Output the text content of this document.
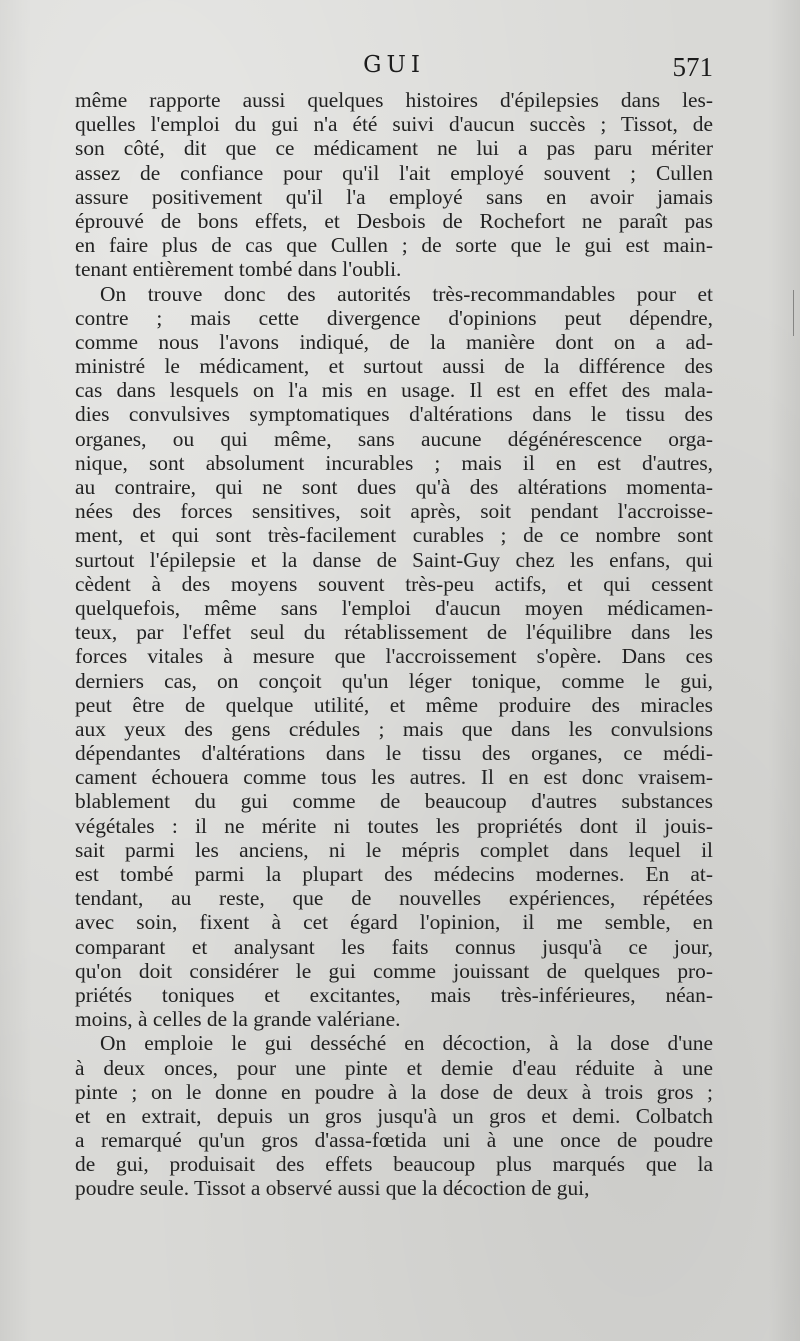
GUI	571
même rapporte aussi quelques histoires d'épilepsies dans les-
quelles l'emploi du gui n'a été suivi d'aucun succès ; Tissot, de
son côté, dit que ce médicament ne lui a pas paru mériter
assez de confiance pour qu'il l'ait employé souvent ; Cullen
assure positivement qu'il l'a employé sans en avoir jamais
éprouvé de bons effets, et Desbois de Rochefort ne paraît pas
en faire plus de cas que Cullen ; de sorte que le gui est main-
tenant entièrement tombé dans l'oubli.
On trouve donc des autorités très-recommandables pour et
contre ; mais cette divergence d'opinions peut dépendre,
comme nous l'avons indiqué, de la manière dont on a ad-
ministré le médicament, et surtout aussi de la différence des
cas dans lesquels on l'a mis en usage. Il est en effet des mala-
dies convulsives symptomatiques d'altérations dans le tissu des
organes, ou qui même, sans aucune dégénérescence orga-
nique, sont absolument incurables ; mais il en est d'autres,
au contraire, qui ne sont dues qu'à des altérations momenta-
nées des forces sensitives, soit après, soit pendant l'accroisse-
ment, et qui sont très-facilement curables ; de ce nombre sont
surtout l'épilepsie et la danse de Saint-Guy chez les enfans, qui
cèdent à des moyens souvent très-peu actifs, et qui cessent
quelquefois, même sans l'emploi d'aucun moyen médicamen-
teux, par l'effet seul du rétablissement de l'équilibre dans les
forces vitales à mesure que l'accroissement s'opère. Dans ces
derniers cas, on conçoit qu'un léger tonique, comme le gui,
peut être de quelque utilité, et même produire des miracles
aux yeux des gens crédules ; mais que dans les convulsions
dépendantes d'altérations dans le tissu des organes, ce médi-
cament échouera comme tous les autres. Il en est donc vraisem-
blablement du gui comme de beaucoup d'autres substances
végétales : il ne mérite ni toutes les propriétés dont il jouis-
sait parmi les anciens, ni le mépris complet dans lequel il
est tombé parmi la plupart des médecins modernes. En at-
tendant, au reste, que de nouvelles expériences, répétées
avec soin, fixent à cet égard l'opinion, il me semble, en
comparant et analysant les faits connus jusqu'à ce jour,
qu'on doit considérer le gui comme jouissant de quelques pro-
priétés toniques et excitantes, mais très-inférieures, néan-
moins, à celles de la grande valériane.
On emploie le gui desséché en décoction, à la dose d'une
à deux onces, pour une pinte et demie d'eau réduite à une
pinte ; on le donne en poudre à la dose de deux à trois gros ;
et en extrait, depuis un gros jusqu'à un gros et demi. Colbatch
a remarqué qu'un gros d'assa-fœtida uni à une once de poudre
de gui, produisait des effets beaucoup plus marqués que la
poudre seule. Tissot a observé aussi que la décoction de gui,
